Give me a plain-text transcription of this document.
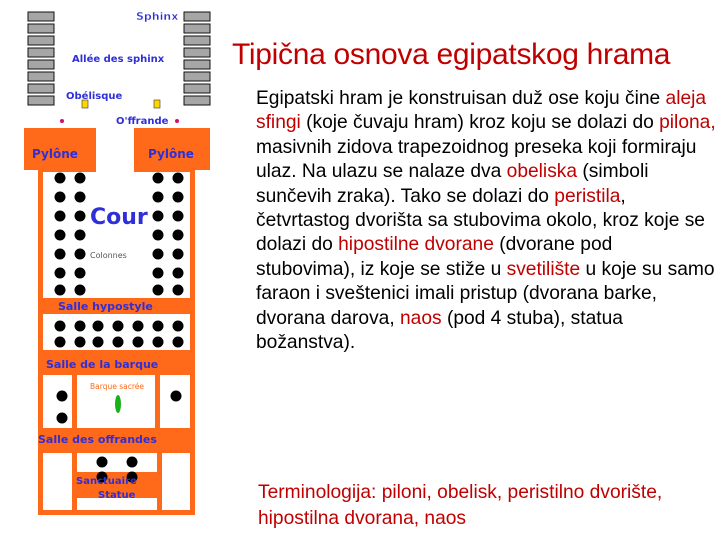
Sphinx
Allée des sphinx
Obélisque
O'ffrande
Pylône	Pylône
Cour
Colonnes
Salle hypostyle
Salle de la barque
Barque sacrée
Salle des offrandes
Sanctuaire
Statue
Tipična osnova egipatskog hrama
Egipatski hram je konstruisan duž ose koju čine aleja sfingi (koje čuvaju hram) kroz koju se dolazi do pilona, masivnih zidova trapezoidnog preseka koji formiraju ulaz. Na ulazu se nalaze dva obeliska (simboli sunčevih zraka). Tako se dolazi do peristila, četvrtastog dvorišta sa stubovima okolo, kroz koje se dolazi do hipostilne dvorane (dvorane pod stubovima), iz koje se stiže u svetilište u koje su samo faraon i sveštenici imali pristup (dvorana barke, dvorana darova, naos (pod 4 stuba), statua božanstva).
Terminologija: piloni, obelisk, peristilno dvorište, hipostilna dvorana, naos
